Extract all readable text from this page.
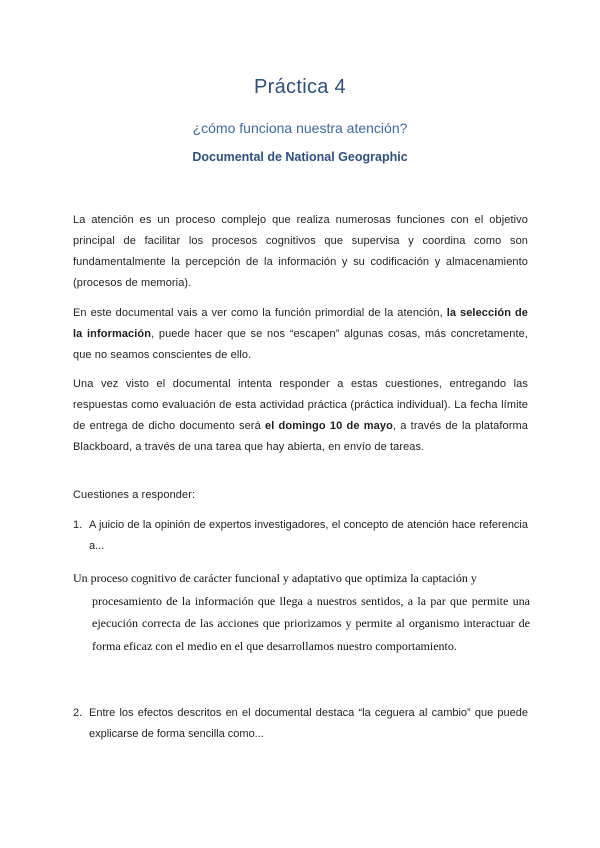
Práctica 4
¿cómo funciona nuestra atención?
Documental de National Geographic
La atención es un proceso complejo que realiza numerosas funciones con el objetivo principal de facilitar los procesos cognitivos que supervisa y coordina como son fundamentalmente la percepción de la información y su codificación y almacenamiento (procesos de memoria).
En este documental vais a ver como la función primordial de la atención, la selección de la información, puede hacer que se nos “escapen” algunas cosas, más concretamente, que no seamos conscientes de ello.
Una vez visto el documental intenta responder a estas cuestiones, entregando las respuestas como evaluación de esta actividad práctica (práctica individual). La fecha límite de entrega de dicho documento será el domingo 10 de mayo, a través de la plataforma Blackboard, a través de una tarea que hay abierta, en envío de tareas.
Cuestiones a responder:
1. A juicio de la opinión de expertos investigadores, el concepto de atención hace referencia a...
Un proceso cognitivo de carácter funcional y adaptativo que optimiza la captación y
procesamiento de la información que llega a nuestros sentidos, a la par que permite una ejecución correcta de las acciones que priorizamos y permite al organismo interactuar de forma eficaz con el medio en el que desarrollamos nuestro comportamiento.
2. Entre los efectos descritos en el documental destaca “la ceguera al cambio” que puede explicarse de forma sencilla como...
